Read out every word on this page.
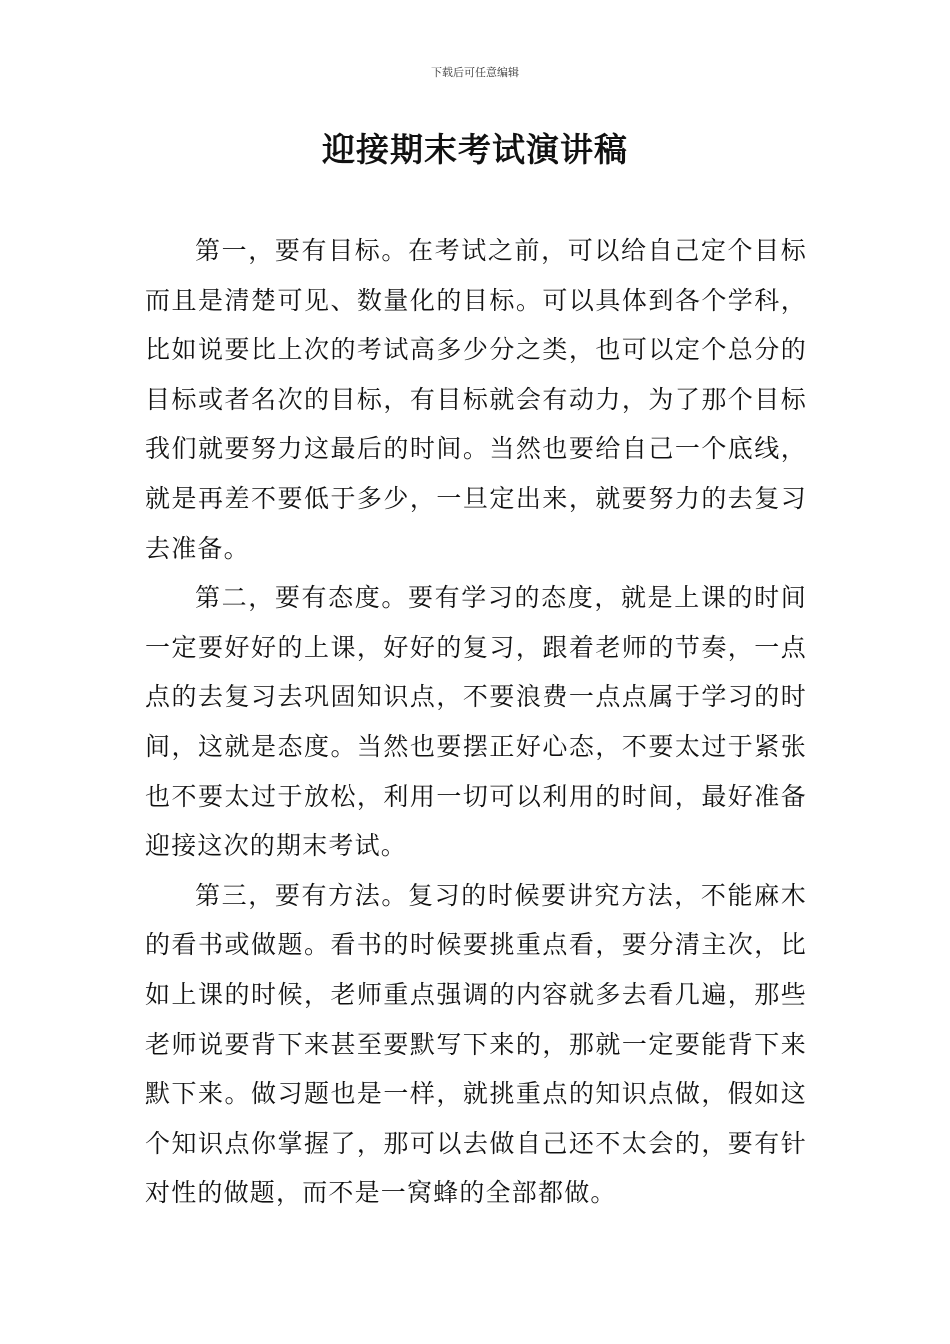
下载后可任意编辑
迎接期末考试演讲稿

第一，要有目标。在考试之前，可以给自己定个目标而且是清楚可见、数量化的目标。可以具体到各个学科，比如说要比上次的考试高多少分之类，也可以定个总分的目标或者名次的目标，有目标就会有动力，为了那个目标我们就要努力这最后的时间。当然也要给自己一个底线，就是再差不要低于多少，一旦定出来，就要努力的去复习去准备。

第二，要有态度。要有学习的态度，就是上课的时间一定要好好的上课，好好的复习，跟着老师的节奏，一点点的去复习去巩固知识点，不要浪费一点点属于学习的时间，这就是态度。当然也要摆正好心态，不要太过于紧张也不要太过于放松，利用一切可以利用的时间，最好准备迎接这次的期末考试。

第三，要有方法。复习的时候要讲究方法，不能麻木的看书或做题。看书的时候要挑重点看，要分清主次，比如上课的时候，老师重点强调的内容就多去看几遍，那些老师说要背下来甚至要默写下来的，那就一定要能背下来默下来。做习题也是一样，就挑重点的知识点做，假如这个知识点你掌握了，那可以去做自己还不太会的，要有针对性的做题，而不是一窝蜂的全部都做。
